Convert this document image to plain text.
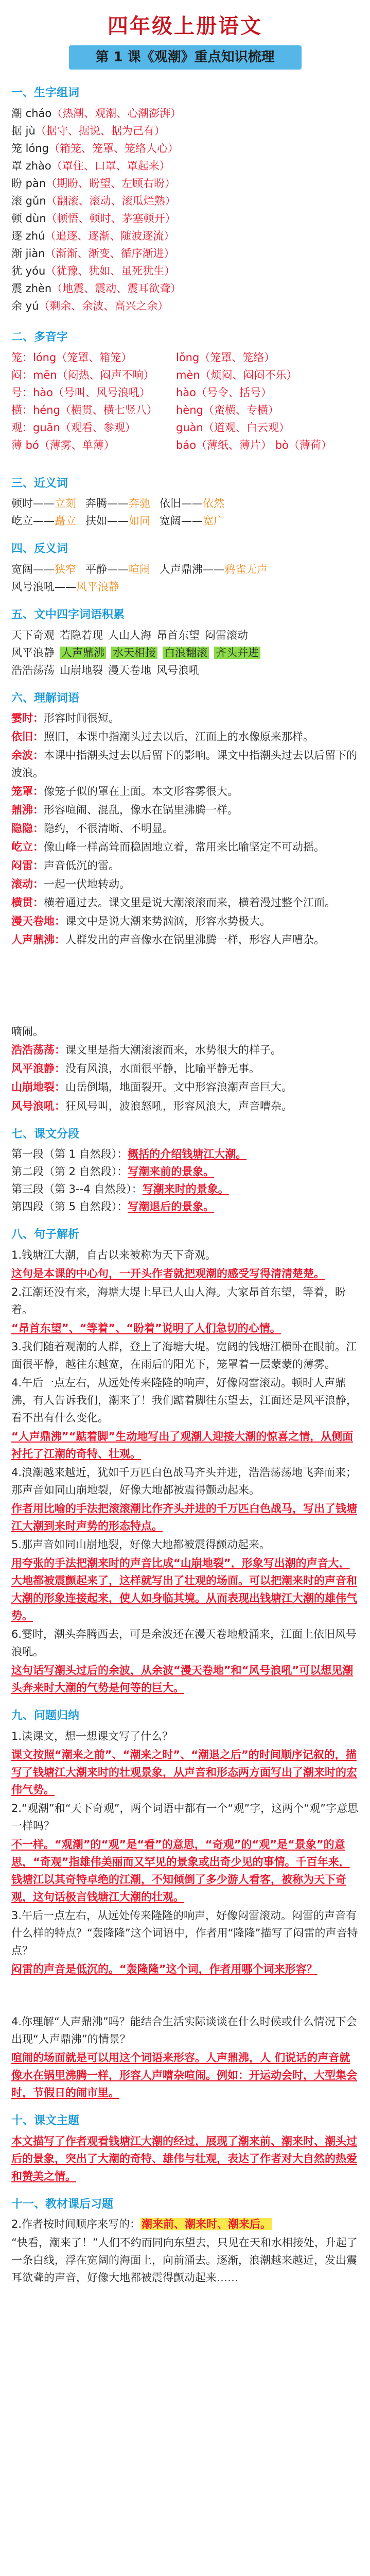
四年级上册语文
第 1 课《观潮》重点知识梳理
一、生字组词
潮 cháo（热潮、观潮、心潮澎湃）
据 jù（据守、据说、据为己有）
笼 lóng（箱笼、笼罩、笼络人心）
罩 zhào（罩住、口罩、罩起来）
盼 pàn（期盼、盼望、左顾右盼）
滚 gǔn（翻滚、滚动、滚瓜烂熟）
顿 dùn（顿悟、顿时、茅塞顿开）
逐 zhú（追逐、逐渐、随波逐流）
渐 jiàn（渐渐、渐变、循序渐进）
犹 yóu（犹豫、犹如、虽死犹生）
震 zhèn（地震、震动、震耳欲聋）
余 yú（剩余、余波、高兴之余）
二、多音字
笼：lóng（笼罩、箱笼）	lǒng（笼罩、笼络）
闷：mēn（闷热、闷声不响）	mèn（烦闷、闷闷不乐）
号：hào（号叫、风号浪吼）	hào（号令、括号）
横：héng（横贯、横七竖八）	hèng（蛮横、专横）
观：guān（观看、参观）	guàn（道观、白云观）
薄 bó（薄雾、单薄）	báo（薄纸、薄片） bò（薄荷）
三、近义词
顿时——立刻 奔腾——奔驰 依旧——依然
屹立——矗立 扶如——如同 宽阔——宽广
四、反义词
宽阔——狭窄 平静——喧闹 人声鼎沸——鸦雀无声
风号浪吼——风平浪静
五、文中四字词语积累
天下奇观 若隐若现 人山人海 昂首东望 闷雷滚动
风平浪静 人声鼎沸 水天相接 白浪翻滚 齐头并进
浩浩荡荡 山崩地裂 漫天卷地 风号浪吼
六、理解词语
霎时：形容时间很短。
依旧：照旧，本课中指潮头过去以后，江面上的水像原来那样。
余波：本课中指潮头过去以后留下的影响。课文中指潮头过去以后留下的波浪。
笼罩：像笼子似的罩在上面。本文形容雾很大。
鼎沸：形容喧闹、混乱，像水在锅里沸腾一样。
隐隐：隐约，不很清晰、不明显。
屹立：像山峰一样高耸而稳固地立着，常用来比喻坚定不可动摇。
闷雷：声音低沉的雷。
滚动：一起一伏地转动。
横贯：横着通过去。课文里是说大潮滚滚而来，横着漫过整个江面。
漫天卷地：课文中是说大潮来势汹汹，形容水势极大。
人声鼎沸：人群发出的声音像水在锅里沸腾一样，形容人声嘈杂。
嘀闹。
浩浩荡荡：课文里是指大潮滚滚而来，水势很大的样子。
风平浪静：没有风浪，水面很平静，比喻平静无事。
山崩地裂：山岳倒塌，地面裂开。文中形容浪潮声音巨大。
风号浪吼：狂风号叫，波浪怒吼，形容风浪大，声音嘈杂。
七、课文分段
第一段（第 1 自然段）：概括的介绍钱塘江大潮。
第二段（第 2 自然段）：写潮来前的景象。
第三段（第 3--4 自然段）：写潮来时的景象。
第四段（第 5 自然段）：写潮退后的景象。
八、句子解析
1.钱塘江大潮，自古以来被称为天下奇观。
这句是本课的中心句，一开头作者就把观潮的感受写得清清楚楚。
2.江潮还没有来，海塘大堤上早已人山人海。大家昂首东望，等着，盼着。
“昂首东望”、“等着”、“盼着”说明了人们急切的心情。
3.我们随着观潮的人群，登上了海塘大堤。宽阔的钱塘江横卧在眼前。江面很平静，越往东越宽，在雨后的阳光下，笼罩着一层蒙蒙的薄雾。
4.午后一点左右，从远处传来隆隆的响声，好像闷雷滚动。顿时人声鼎沸，有人告诉我们，潮来了！我们踮着脚往东望去，江面还是风平浪静，看不出有什么变化。
“人声鼎沸”“踮着脚”生动地写出了观潮人迎接大潮的惊喜之情，从侧面衬托了江潮的奇特、壮观。
4.浪潮越来越近，犹如千万匹白色战马齐头并进，浩浩荡荡地飞奔而来；那声音如同山崩地裂，好像大地都被震得颤动起来。
作者用比喻的手法把滚滚潮比作齐头并进的千万匹白色战马，写出了钱塘江大潮到来时声势的形态特点。
5.那声音如同山崩地裂，好像大地都被震得颤动起来。
用夸张的手法把潮来时的声音比成“山崩地裂”，形象写出潮的声音大，大地都被震颤起来了，这样就写出了壮观的场面。可以把潮来时的声音和大潮的形象连接起来，使人如身临其境。从而表现出钱塘江大潮的雄伟气势。
6.霎时，潮头奔腾西去，可是余波还在漫天卷地般涌来，江面上依旧风号浪吼。
这句话写潮头过后的余波，从余波“漫天卷地”和“风号浪吼”可以想见潮头奔来时大潮的气势是何等的巨大。
九、问题归纳
1.读课文，想一想课文写了什么？
课文按照“潮来之前”、“潮来之时”、“潮退之后”的时间顺序记叙的，描写了钱塘江大潮来时的壮观景象，从声音和形态两方面写出了潮来时的宏伟气势。
2.“观潮”和“天下奇观”，两个词语中都有一个“观”字，这两个“观”字意思一样吗？
不一样。“观潮”的“观”是“看”的意思，“奇观”的“观”是“景象”的意思，“奇观”指雄伟美丽而又罕见的景象或出奇少见的事情。千百年来，钱塘江以其奇特卓绝的江潮，不知倾倒了多少游人看客，被称为天下奇观，这句话极言钱塘江大潮的壮观。
3.午后一点左右，从远处传来隆隆的响声，好像闷雷滚动。闷雷的声音有什么样的特点？“轰隆隆”这个词语中，作者用“隆隆”描写了闷雷的声音特点？
闷雷的声音是低沉的。“轰隆隆”这个词，作者用哪个词来形容？
4.你理解“人声鼎沸”吗？能结合生活实际谈谈在什么时候或什么情况下会出现“人声鼎沸”的情景？
喧闹的场面就是可以用这个词语来形容。人声鼎沸，人 们说话的声音就像水在锅里沸腾一样，形容人声嘈杂喧闹。例如：开运动会时，大型集会时，节假日的闹市里。
十、课文主题
本文描写了作者观看钱塘江大潮的经过，展现了潮来前、潮来时、潮头过后的景象，突出了大潮的奇特、雄伟与壮观，表达了作者对大自然的热爱和赞美之情。
十一、教材课后习题
2.作者按时间顺序来写的：潮来前、潮来时、潮来后。
“快看，潮来了！”人们不约而同向东望去，只见在天和水相接处，升起了一条白线，浮在宽阔的海面上，向前涌去。逐渐，浪潮越来越近，发出震耳欲聋的声音，好像大地都被震得颤动起来……
